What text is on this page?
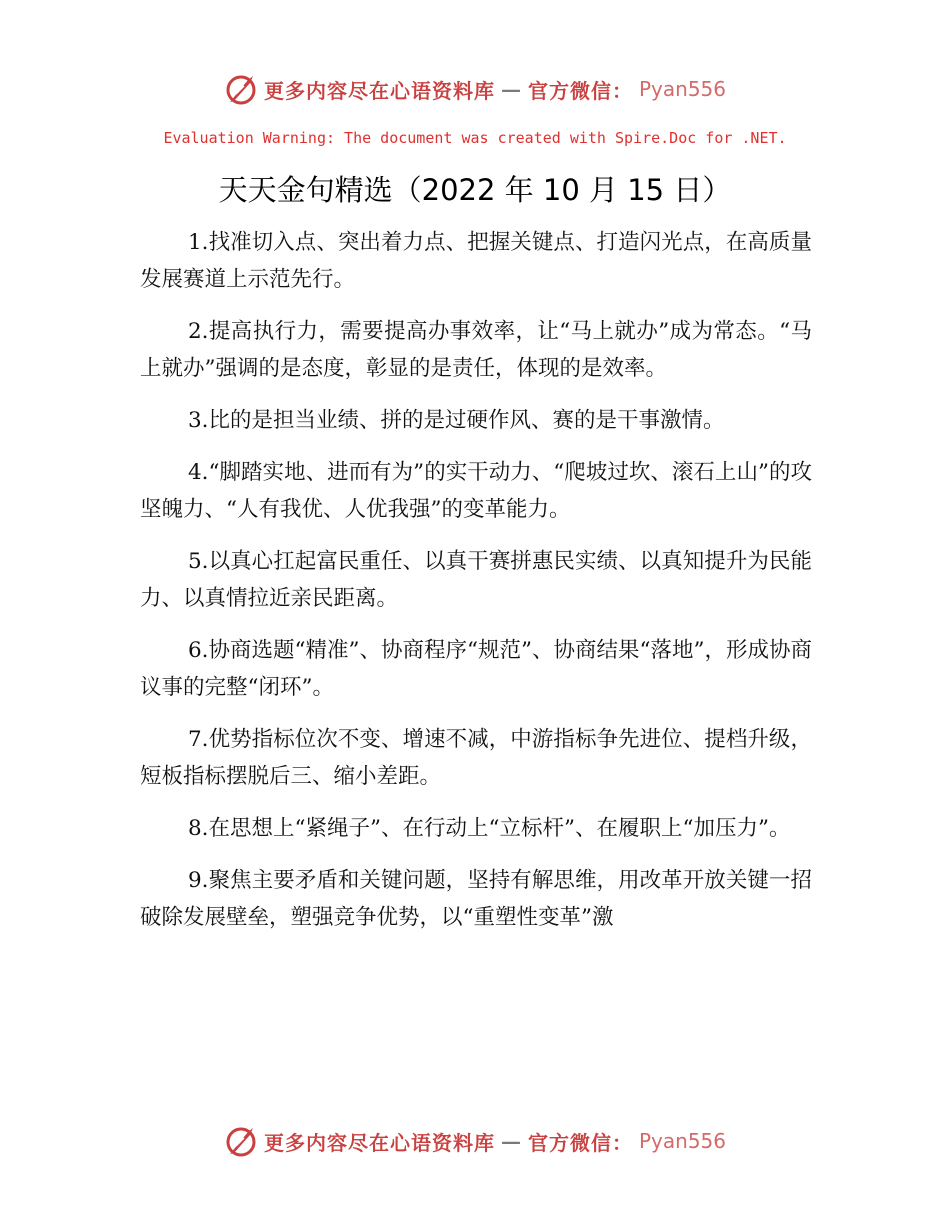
更多内容尽在心语资料库 — 官方微信： Pyan556
Evaluation Warning: The document was created with Spire.Doc for .NET.
天天金句精选（2022 年 10 月 15 日）

1.找准切入点、突出着力点、把握关键点、打造闪光点，在高质量发展赛道上示范先行。

2.提高执行力，需要提高办事效率，让“马上就办”成为常态。“马上就办”强调的是态度，彰显的是责任，体现的是效率。

3.比的是担当业绩、拼的是过硬作风、赛的是干事激情。

4.“脚踏实地、进而有为”的实干动力、“爬坡过坎、滚石上山”的攻坚魄力、“人有我优、人优我强”的变革能力。

5.以真心扛起富民重任、以真干赛拼惠民实绩、以真知提升为民能力、以真情拉近亲民距离。

6.协商选题“精准”、协商程序“规范”、协商结果“落地”，形成协商议事的完整“闭环”。

7.优势指标位次不变、增速不减，中游指标争先进位、提档升级，短板指标摆脱后三、缩小差距。

8.在思想上“紧绳子”、在行动上“立标杆”、在履职上“加压力”。

9.聚焦主要矛盾和关键问题，坚持有解思维，用改革开放关键一招破除发展壁垒，塑强竞争优势，以“重塑性变革”激

更多内容尽在心语资料库 — 官方微信： Pyan556
